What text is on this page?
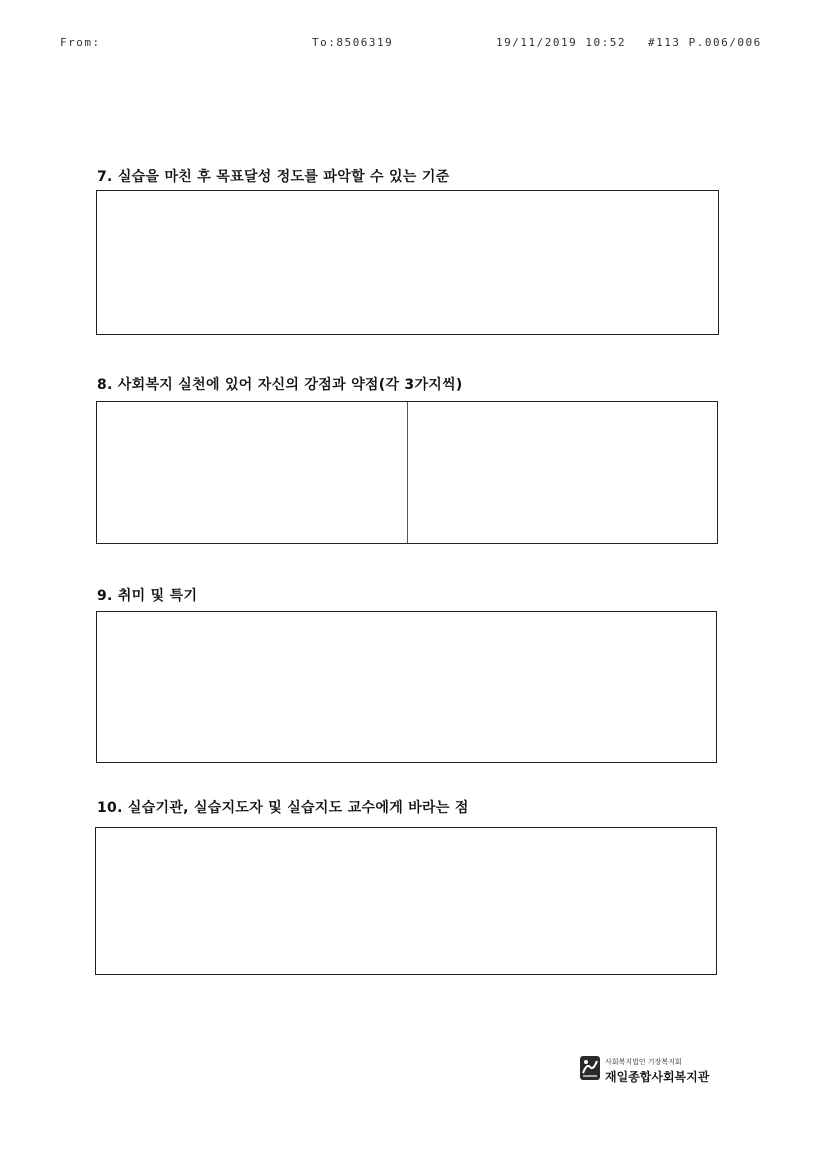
From:	To:8506319	19/11/2019 10:52 #113 P.006/006
7. 실습을 마친 후 목표달성 정도를 파악할 수 있는 기준
8. 사회복지 실천에 있어 자신의 강점과 약점(각 3가지씩)
9. 취미 및 특기
10. 실습기관, 실습지도자 및 실습지도 교수에게 바라는 점
사회복지법인 기장복지회
재일종합사회복지관
